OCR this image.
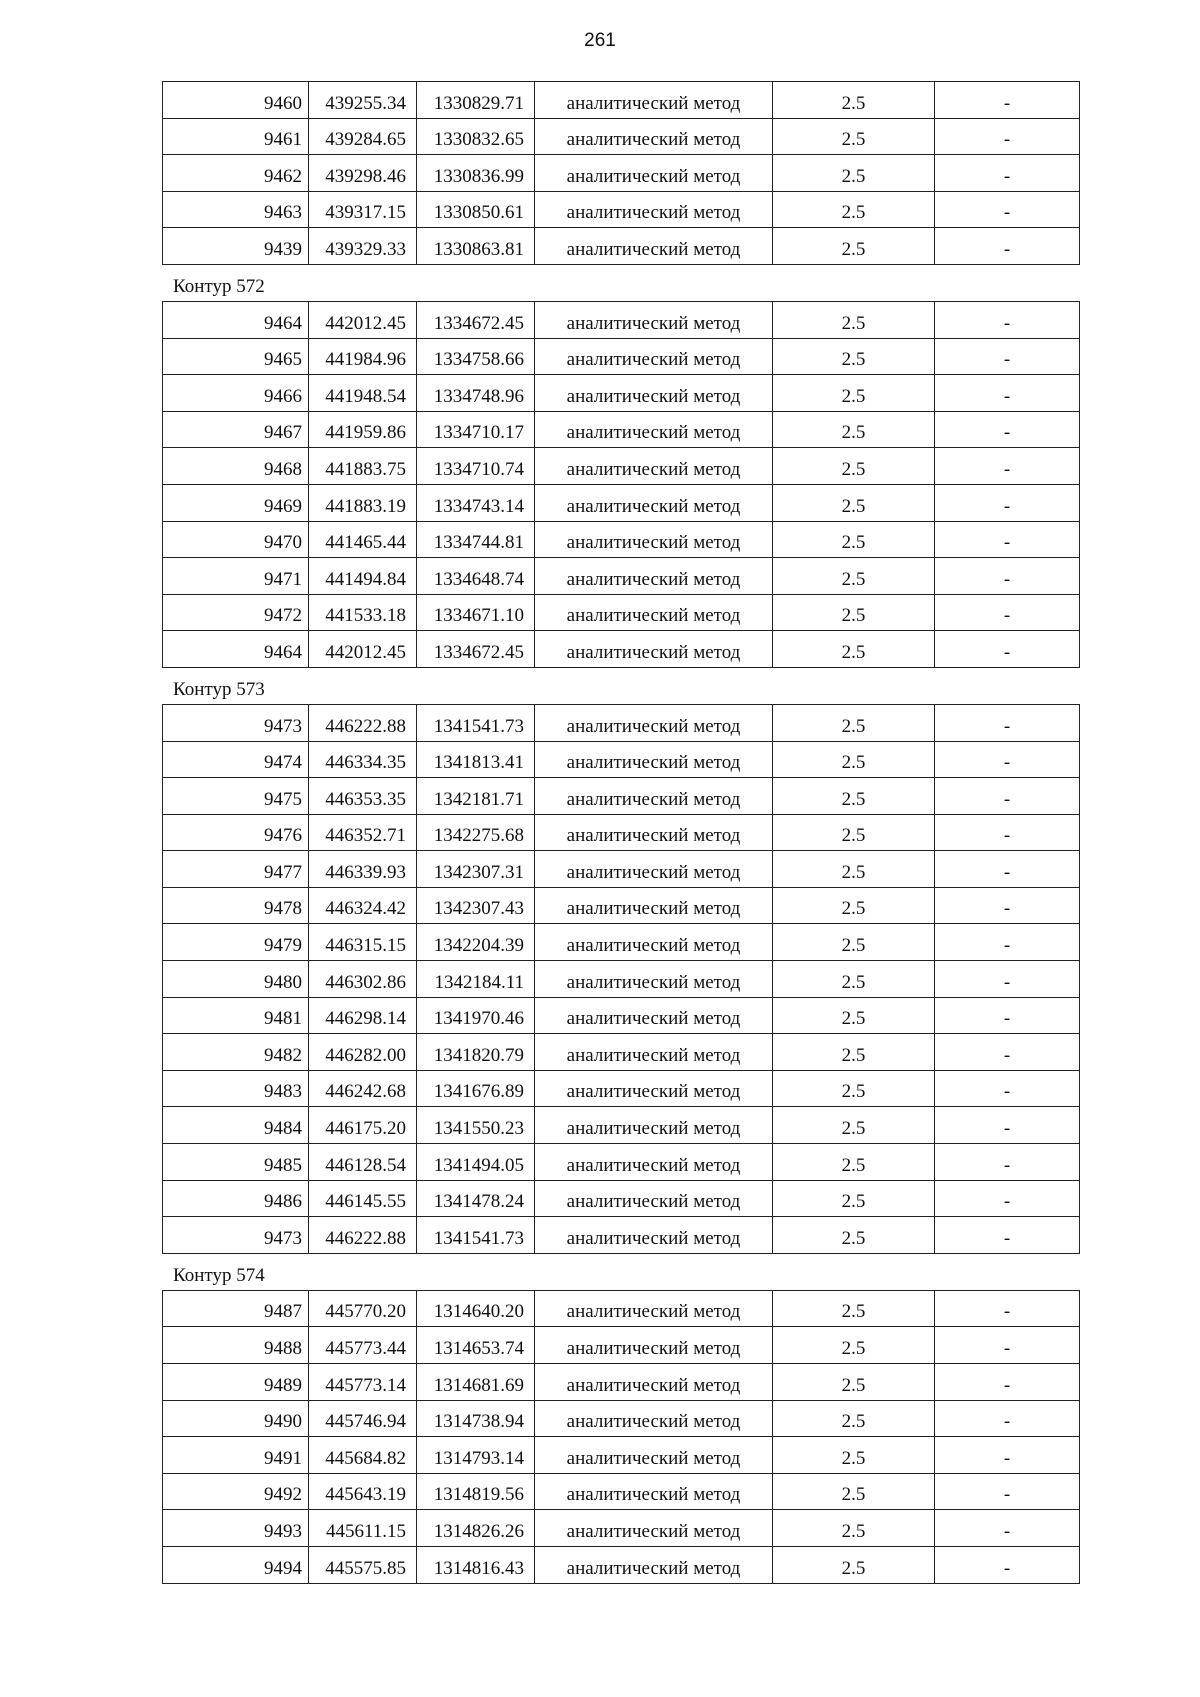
261
9460	439255.34	1330829.71	аналитический метод	2.5	-
9461	439284.65	1330832.65	аналитический метод	2.5	-
9462	439298.46	1330836.99	аналитический метод	2.5	-
9463	439317.15	1330850.61	аналитический метод	2.5	-
9439	439329.33	1330863.81	аналитический метод	2.5	-
Контур 572
9464	442012.45	1334672.45	аналитический метод	2.5	-
9465	441984.96	1334758.66	аналитический метод	2.5	-
9466	441948.54	1334748.96	аналитический метод	2.5	-
9467	441959.86	1334710.17	аналитический метод	2.5	-
9468	441883.75	1334710.74	аналитический метод	2.5	-
9469	441883.19	1334743.14	аналитический метод	2.5	-
9470	441465.44	1334744.81	аналитический метод	2.5	-
9471	441494.84	1334648.74	аналитический метод	2.5	-
9472	441533.18	1334671.10	аналитический метод	2.5	-
9464	442012.45	1334672.45	аналитический метод	2.5	-
Контур 573
9473	446222.88	1341541.73	аналитический метод	2.5	-
9474	446334.35	1341813.41	аналитический метод	2.5	-
9475	446353.35	1342181.71	аналитический метод	2.5	-
9476	446352.71	1342275.68	аналитический метод	2.5	-
9477	446339.93	1342307.31	аналитический метод	2.5	-
9478	446324.42	1342307.43	аналитический метод	2.5	-
9479	446315.15	1342204.39	аналитический метод	2.5	-
9480	446302.86	1342184.11	аналитический метод	2.5	-
9481	446298.14	1341970.46	аналитический метод	2.5	-
9482	446282.00	1341820.79	аналитический метод	2.5	-
9483	446242.68	1341676.89	аналитический метод	2.5	-
9484	446175.20	1341550.23	аналитический метод	2.5	-
9485	446128.54	1341494.05	аналитический метод	2.5	-
9486	446145.55	1341478.24	аналитический метод	2.5	-
9473	446222.88	1341541.73	аналитический метод	2.5	-
Контур 574
9487	445770.20	1314640.20	аналитический метод	2.5	-
9488	445773.44	1314653.74	аналитический метод	2.5	-
9489	445773.14	1314681.69	аналитический метод	2.5	-
9490	445746.94	1314738.94	аналитический метод	2.5	-
9491	445684.82	1314793.14	аналитический метод	2.5	-
9492	445643.19	1314819.56	аналитический метод	2.5	-
9493	445611.15	1314826.26	аналитический метод	2.5	-
9494	445575.85	1314816.43	аналитический метод	2.5	-
